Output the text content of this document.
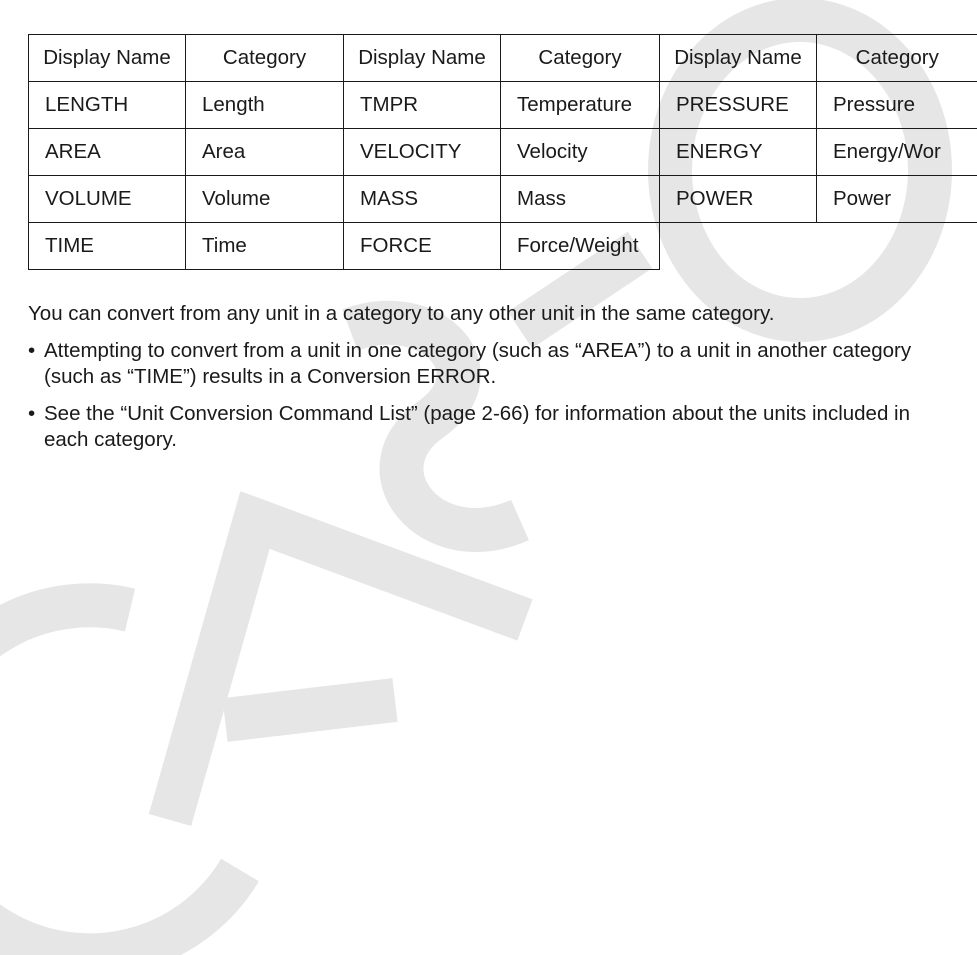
Display Name	Category	Display Name	Category	Display Name	Category
LENGTH	Length	TMPR	Temperature	PRESSURE	Pressure
AREA	Area	VELOCITY	Velocity	ENERGY	Energy/Wor
VOLUME	Volume	MASS	Mass	POWER	Power
TIME	Time	FORCE	Force/Weight		

You can convert from any unit in a category to any other unit in the same category.

• Attempting to convert from a unit in one category (such as “AREA”) to a unit in another category (such as “TIME”) results in a Conversion ERROR.
• See the “Unit Conversion Command List” (page 2-66) for information about the units included in each category.
